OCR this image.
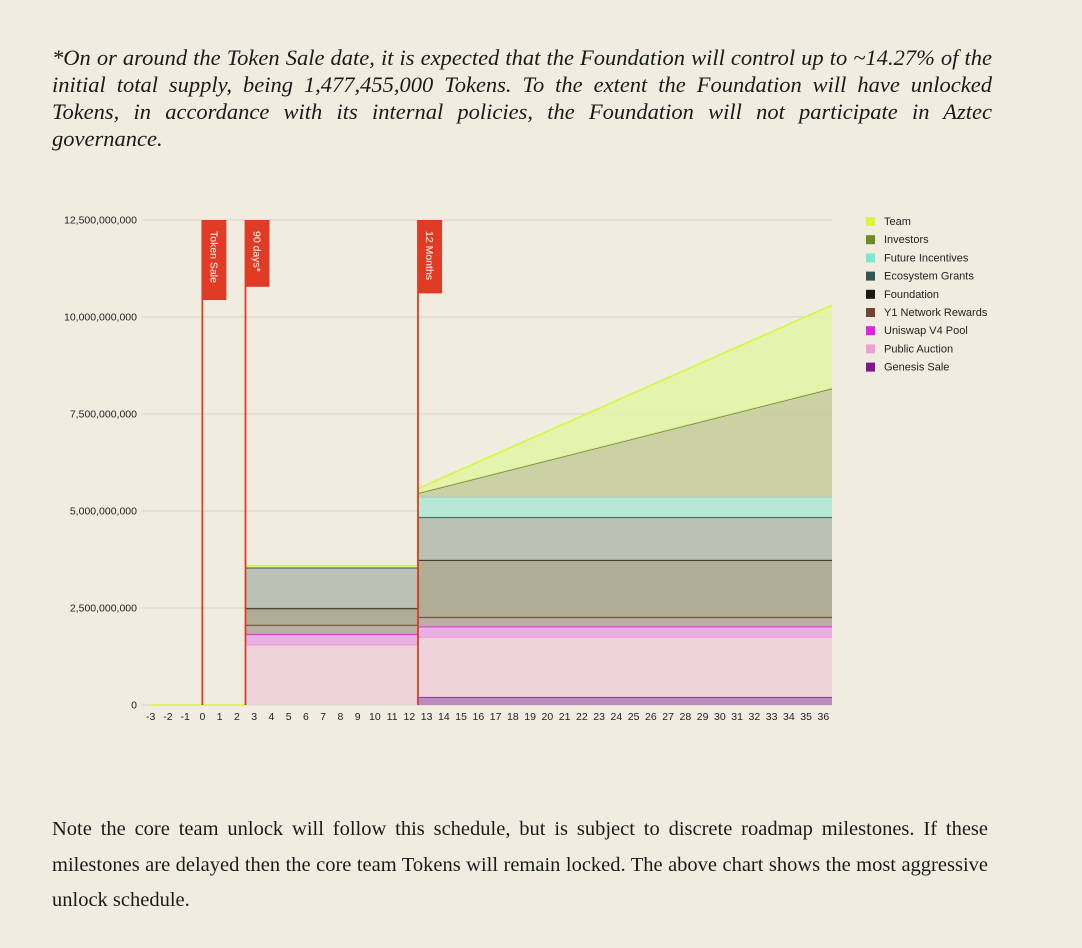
*On or around the Token Sale date, it is expected that the Foundation will control up to ~14.27% of the initial total supply, being 1,477,455,000 Tokens. To the extent the Foundation will have unlocked Tokens, in accordance with its internal policies, the Foundation will not participate in Aztec governance.

0
2,500,000,000
5,000,000,000
7,500,000,000
10,000,000,000
12,500,000,000
-3 -2 -1 0 1 2 3 4 5 6 7 8 9 10 11 12 13 14 15 16 17 18 19 20 21 22 23 24 25 26 27 28 29 30 31 32 33 34 35 36
Token Sale	90 days*	12 Months
Team
Investors
Future Incentives
Ecosystem Grants
Foundation
Y1 Network Rewards
Uniswap V4 Pool
Public Auction
Genesis Sale

Note the core team unlock will follow this schedule, but is subject to discrete roadmap milestones. If these milestones are delayed then the core team Tokens will remain locked. The above chart shows the most aggressive unlock schedule.
